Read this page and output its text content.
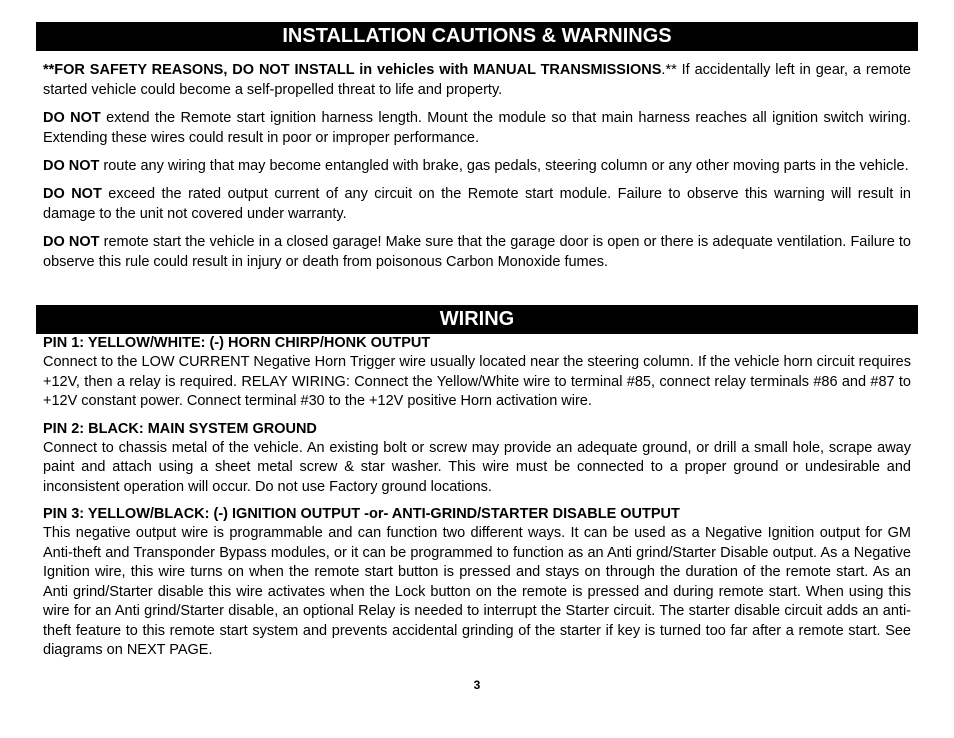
INSTALLATION CAUTIONS & WARNINGS

**FOR SAFETY REASONS, DO NOT INSTALL in vehicles with MANUAL TRANSMISSIONS.** If accidentally left in gear, a remote started vehicle could become a self-propelled threat to life and property.

DO NOT extend the Remote start ignition harness length. Mount the module so that main harness reaches all ignition switch wiring. Extending these wires could result in poor or improper performance.

DO NOT route any wiring that may become entangled with brake, gas pedals, steering column or any other moving parts in the vehicle.

DO NOT exceed the rated output current of any circuit on the Remote start module. Failure to observe this warning will result in damage to the unit not covered under warranty.

DO NOT remote start the vehicle in a closed garage! Make sure that the garage door is open or there is adequate ventilation. Failure to observe this rule could result in injury or death from poisonous Carbon Monoxide fumes.

WIRING

PIN 1: YELLOW/WHITE: (-) HORN CHIRP/HONK OUTPUT

Connect to the LOW CURRENT Negative Horn Trigger wire usually located near the steering column. If the vehicle horn circuit requires +12V, then a relay is required. RELAY WIRING: Connect the Yellow/White wire to terminal #85, connect relay terminals #86 and #87 to +12V constant power. Connect terminal #30 to the +12V positive Horn activation wire.

PIN 2: BLACK: MAIN SYSTEM GROUND

Connect to chassis metal of the vehicle. An existing bolt or screw may provide an adequate ground, or drill a small hole, scrape away paint and attach using a sheet metal screw & star washer. This wire must be connected to a proper ground or undesirable and inconsistent operation will occur. Do not use Factory ground locations.

PIN 3: YELLOW/BLACK: (-) IGNITION OUTPUT -or- ANTI-GRIND/STARTER DISABLE OUTPUT

This negative output wire is programmable and can function two different ways. It can be used as a Negative Ignition output for GM Anti-theft and Transponder Bypass modules, or it can be programmed to function as an Anti grind/Starter Disable output. As a Negative Ignition wire, this wire turns on when the remote start button is pressed and stays on through the duration of the remote start. As an Anti grind/Starter disable this wire activates when the Lock button on the remote is pressed and during remote start. When using this wire for an Anti grind/Starter disable, an optional Relay is needed to interrupt the Starter circuit. The starter disable circuit adds an anti-theft feature to this remote start system and prevents accidental grinding of the starter if key is turned too far after a remote start. See diagrams on NEXT PAGE.

3
